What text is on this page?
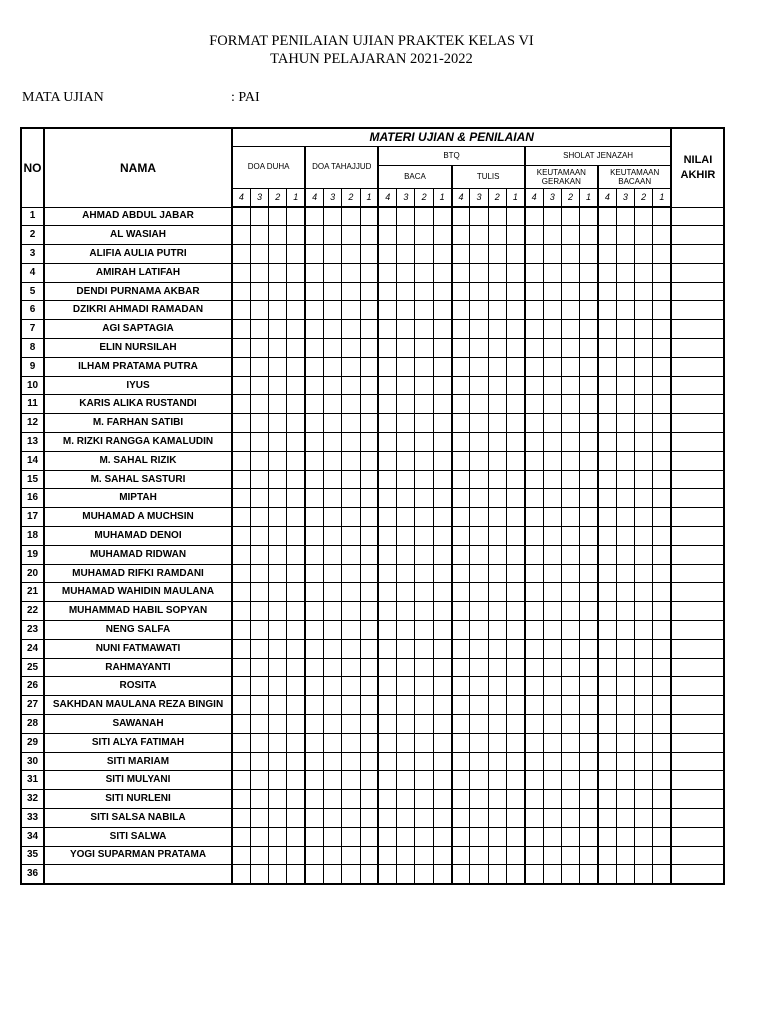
FORMAT PENILAIAN UJIAN PRAKTEK KELAS VI
TAHUN PELAJARAN 2021-2022
MATA UJIAN	: PAI
NO	NAMA	MATERI UJIAN & PENILAIAN																								NILAI
AKHIR

		DOA DUHA				DOA TAHAJJUD				BTQ								SHOLAT JENAZAH								
										BACA				TULIS				KEUTAMAAN
GERAKAN				KEUTAMAAN
BACAAN				

		4	3	2	1	4	3	2	1	4	3	2	1	4	3	2	1	4	3	2	1	4	3	2	1	
1	AHMAD ABDUL JABAR																									
2	AL WASIAH																									
3	ALIFIA AULIA PUTRI																									
4	AMIRAH LATIFAH																									
5	DENDI PURNAMA AKBAR																									
6	DZIKRI AHMADI RAMADAN																									
7	AGI SAPTAGIA																									
8	ELIN NURSILAH																									
9	ILHAM PRATAMA PUTRA																									
10	IYUS																									
11	KARIS ALIKA RUSTANDI																									
12	M. FARHAN SATIBI																									
13	M. RIZKI RANGGA KAMALUDIN																									
14	M. SAHAL RIZIK																									
15	M. SAHAL SASTURI																									
16	MIPTAH																									
17	MUHAMAD A MUCHSIN																									
18	MUHAMAD DENOI																									
19	MUHAMAD RIDWAN																									
20	MUHAMAD RIFKI RAMDANI																									
21	MUHAMAD WAHIDIN MAULANA																									
22	MUHAMMAD HABIL SOPYAN																									
23	NENG SALFA																									
24	NUNI FATMAWATI																									
25	RAHMAYANTI																									
26	ROSITA																									
27	SAKHDAN MAULANA REZA BINGIN																									
28	SAWANAH																									
29	SITI ALYA FATIMAH																									
30	SITI MARIAM																									
31	SITI MULYANI																									
32	SITI NURLENI																									
33	SITI SALSA NABILA																									
34	SITI SALWA																									
35	YOGI SUPARMAN PRATAMA																									
36																										
